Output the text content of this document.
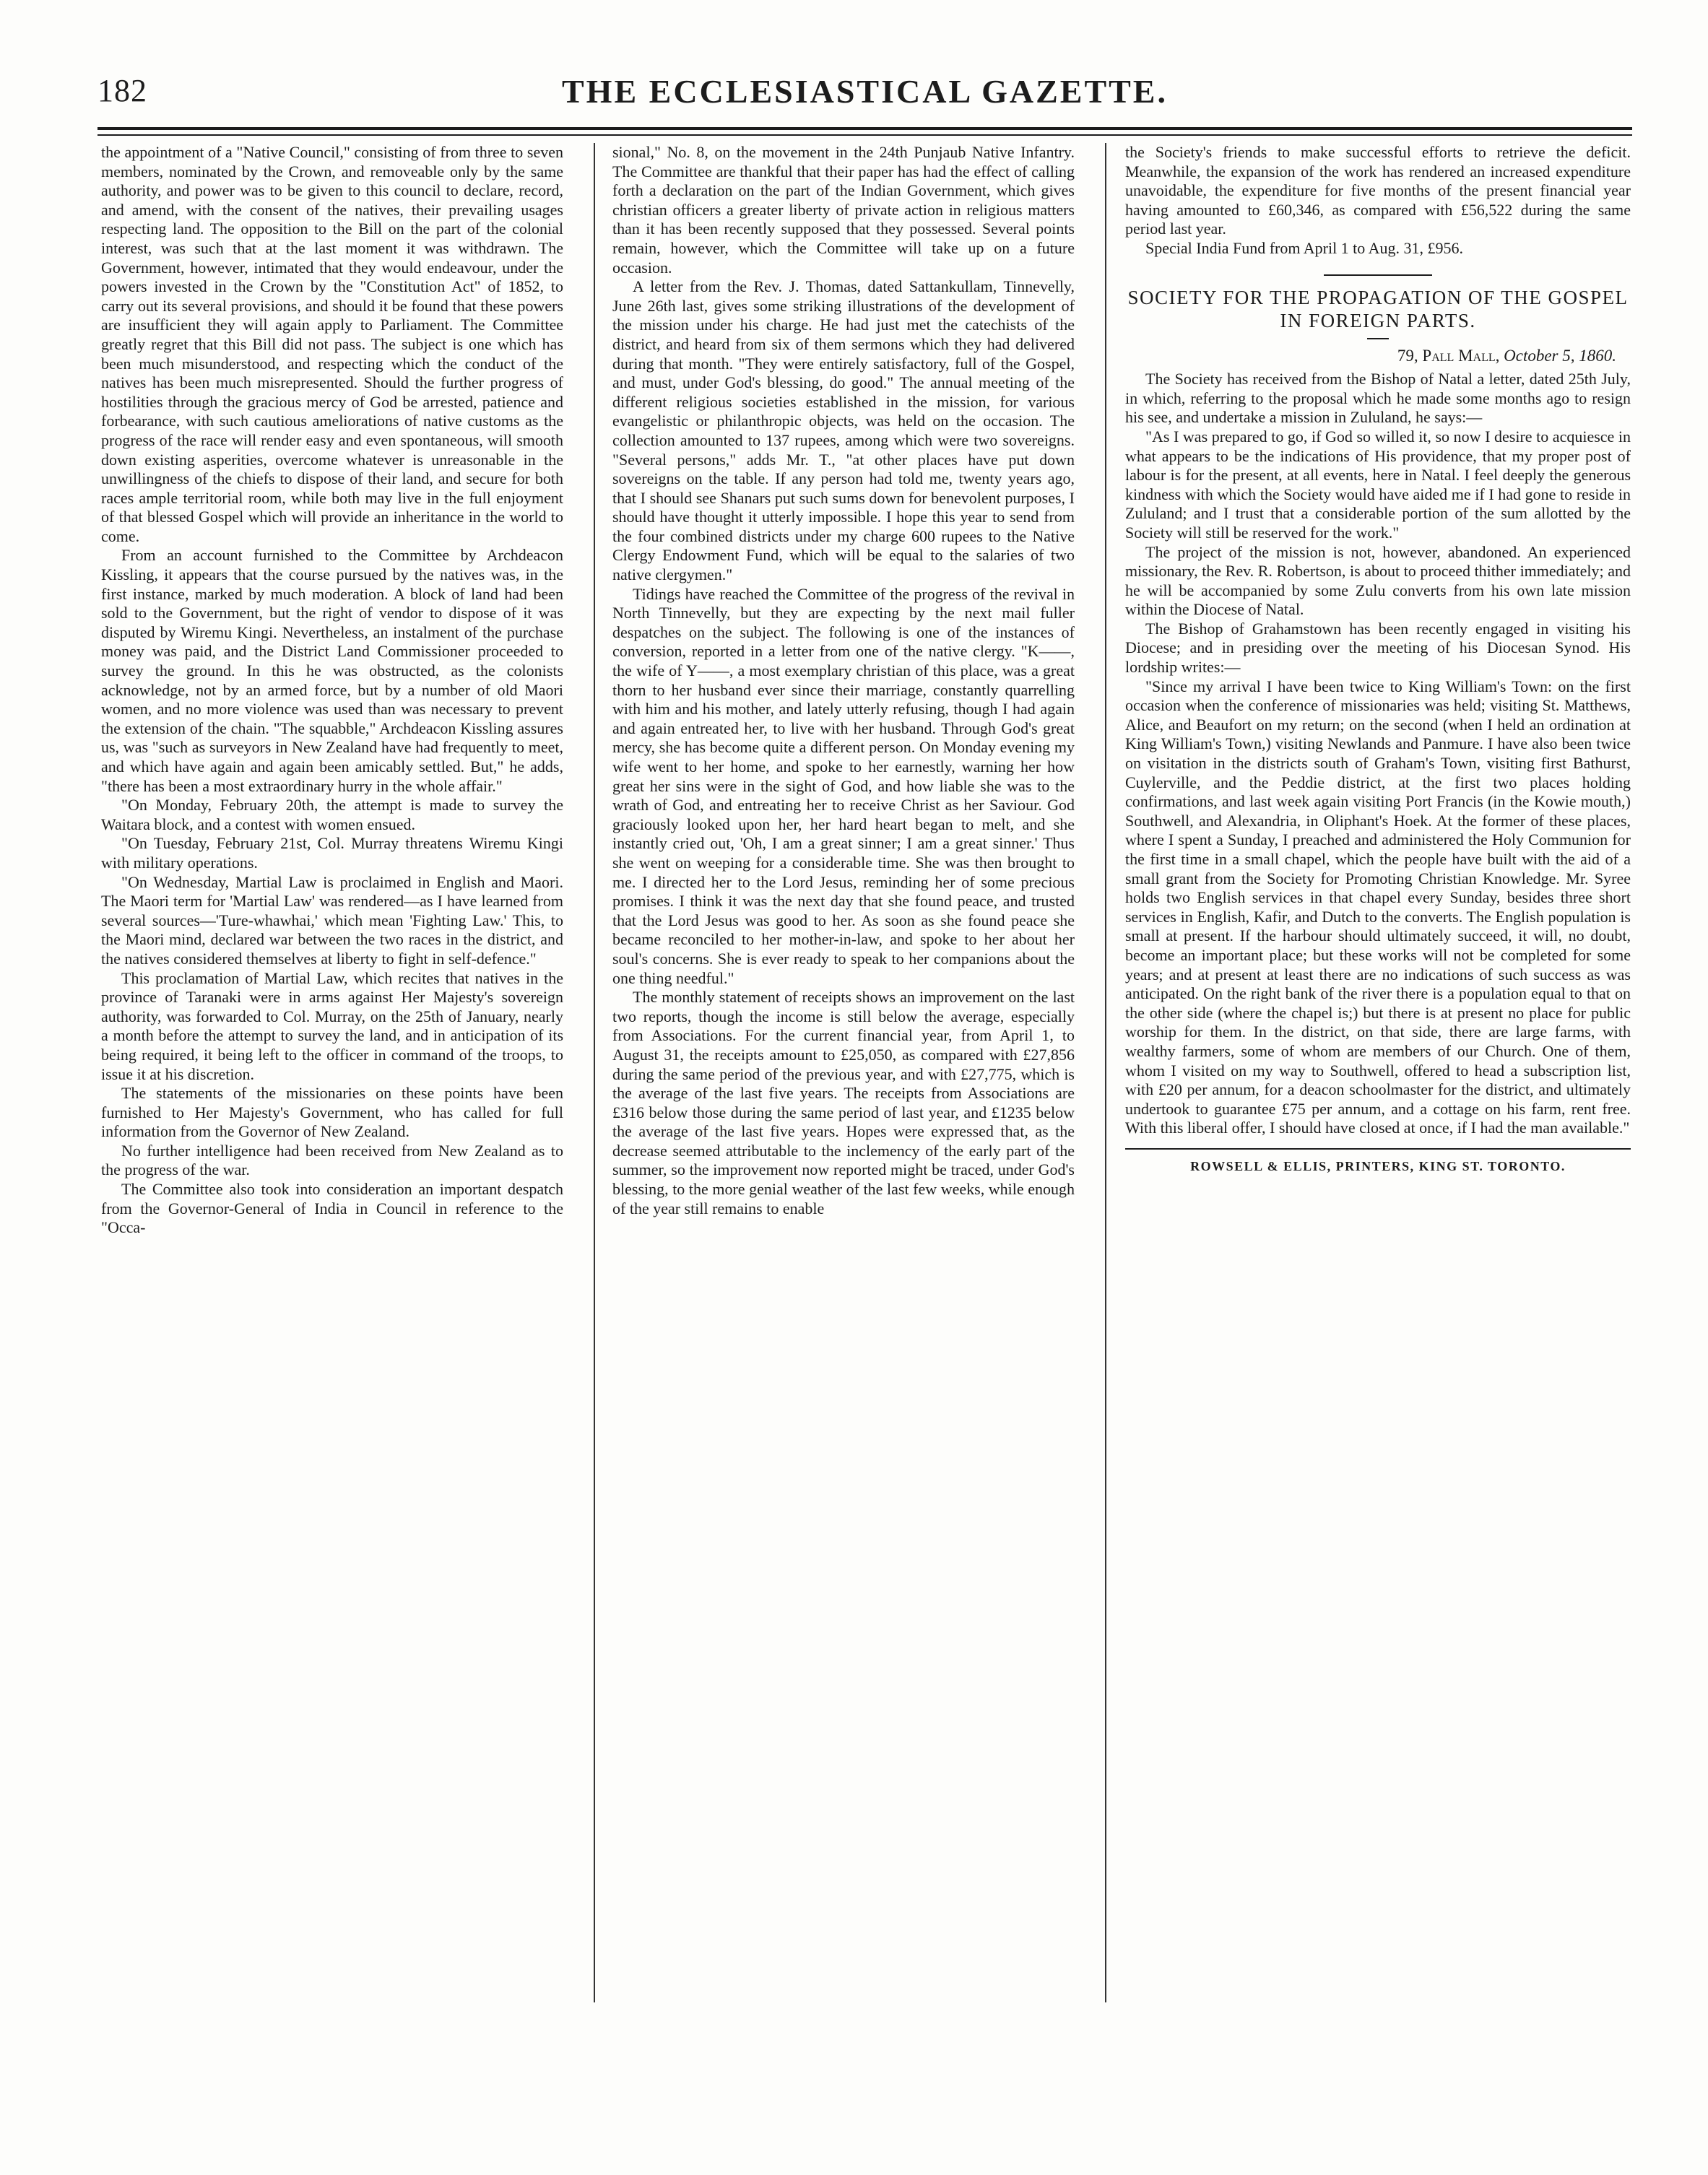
182	THE ECCLESIASTICAL GAZETTE.

the appointment of a "Native Council," consisting of from three to seven members, nominated by the Crown, and removeable only by the same authority, and power was to be given to this council to declare, record, and amend, with the consent of the natives, their prevailing usages respecting land. The opposition to the Bill on the part of the colonial interest, was such that at the last moment it was withdrawn. The Government, however, intimated that they would endeavour, under the powers invested in the Crown by the "Constitution Act" of 1852, to carry out its several provisions, and should it be found that these powers are insufficient they will again apply to Parliament. The Committee greatly regret that this Bill did not pass. The subject is one which has been much misunderstood, and respecting which the conduct of the natives has been much misrepresented. Should the further progress of hostilities through the gracious mercy of God be arrested, patience and forbearance, with such cautious ameliorations of native customs as the progress of the race will render easy and even spontaneous, will smooth down existing asperities, overcome whatever is unreasonable in the unwillingness of the chiefs to dispose of their land, and secure for both races ample territorial room, while both may live in the full enjoyment of that blessed Gospel which will provide an inheritance in the world to come.

From an account furnished to the Committee by Archdeacon Kissling, it appears that the course pursued by the natives was, in the first instance, marked by much moderation. A block of land had been sold to the Government, but the right of vendor to dispose of it was disputed by Wiremu Kingi. Nevertheless, an instalment of the purchase money was paid, and the District Land Commissioner proceeded to survey the ground. In this he was obstructed, as the colonists acknowledge, not by an armed force, but by a number of old Maori women, and no more violence was used than was necessary to prevent the extension of the chain. "The squabble," Archdeacon Kissling assures us, was "such as surveyors in New Zealand have had frequently to meet, and which have again and again been amicably settled. But," he adds, "there has been a most extraordinary hurry in the whole affair."

"On Monday, February 20th, the attempt is made to survey the Waitara block, and a contest with women ensued.

"On Tuesday, February 21st, Col. Murray threatens Wiremu Kingi with military operations.

"On Wednesday, Martial Law is proclaimed in English and Maori. The Maori term for 'Martial Law' was rendered—as I have learned from several sources—'Ture-whawhai,' which mean 'Fighting Law.' This, to the Maori mind, declared war between the two races in the district, and the natives considered themselves at liberty to fight in self-defence."

This proclamation of Martial Law, which recites that natives in the province of Taranaki were in arms against Her Majesty's sovereign authority, was forwarded to Col. Murray, on the 25th of January, nearly a month before the attempt to survey the land, and in anticipation of its being required, it being left to the officer in command of the troops, to issue it at his discretion.

The statements of the missionaries on these points have been furnished to Her Majesty's Government, who has called for full information from the Governor of New Zealand.

No further intelligence had been received from New Zealand as to the progress of the war.

The Committee also took into consideration an important despatch from the Governor-General of India in Council in reference to the "Occa-

sional," No. 8, on the movement in the 24th Punjaub Native Infantry. The Committee are thankful that their paper has had the effect of calling forth a declaration on the part of the Indian Government, which gives christian officers a greater liberty of private action in religious matters than it has been recently supposed that they possessed. Several points remain, however, which the Committee will take up on a future occasion.

A letter from the Rev. J. Thomas, dated Sattankullam, Tinnevelly, June 26th last, gives some striking illustrations of the development of the mission under his charge. He had just met the catechists of the district, and heard from six of them sermons which they had delivered during that month. "They were entirely satisfactory, full of the Gospel, and must, under God's blessing, do good." The annual meeting of the different religious societies established in the mission, for various evangelistic or philanthropic objects, was held on the occasion. The collection amounted to 137 rupees, among which were two sovereigns. "Several persons," adds Mr. T., "at other places have put down sovereigns on the table. If any person had told me, twenty years ago, that I should see Shanars put such sums down for benevolent purposes, I should have thought it utterly impossible. I hope this year to send from the four combined districts under my charge 600 rupees to the Native Clergy Endowment Fund, which will be equal to the salaries of two native clergymen."

Tidings have reached the Committee of the progress of the revival in North Tinnevelly, but they are expecting by the next mail fuller despatches on the subject. The following is one of the instances of conversion, reported in a letter from one of the native clergy. "K——, the wife of Y——, a most exemplary christian of this place, was a great thorn to her husband ever since their marriage, constantly quarrelling with him and his mother, and lately utterly refusing, though I had again and again entreated her, to live with her husband. Through God's great mercy, she has become quite a different person. On Monday evening my wife went to her home, and spoke to her earnestly, warning her how great her sins were in the sight of God, and how liable she was to the wrath of God, and entreating her to receive Christ as her Saviour. God graciously looked upon her, her hard heart began to melt, and she instantly cried out, 'Oh, I am a great sinner; I am a great sinner.' Thus she went on weeping for a considerable time. She was then brought to me. I directed her to the Lord Jesus, reminding her of some precious promises. I think it was the next day that she found peace, and trusted that the Lord Jesus was good to her. As soon as she found peace she became reconciled to her mother-in-law, and spoke to her about her soul's concerns. She is ever ready to speak to her companions about the one thing needful."

The monthly statement of receipts shows an improvement on the last two reports, though the income is still below the average, especially from Associations. For the current financial year, from April 1, to August 31, the receipts amount to £25,050, as compared with £27,856 during the same period of the previous year, and with £27,775, which is the average of the last five years. The receipts from Associations are £316 below those during the same period of last year, and £1235 below the average of the last five years. Hopes were expressed that, as the decrease seemed attributable to the inclemency of the early part of the summer, so the improvement now reported might be traced, under God's blessing, to the more genial weather of the last few weeks, while enough of the year still remains to enable

the Society's friends to make successful efforts to retrieve the deficit. Meanwhile, the expansion of the work has rendered an increased expenditure unavoidable, the expenditure for five months of the present financial year having amounted to £60,346, as compared with £56,522 during the same period last year.

Special India Fund from April 1 to Aug. 31, £956.

SOCIETY FOR THE PROPAGATION OF THE GOSPEL IN FOREIGN PARTS.
79, Pall Mall, October 5, 1860.

The Society has received from the Bishop of Natal a letter, dated 25th July, in which, referring to the proposal which he made some months ago to resign his see, and undertake a mission in Zululand, he says:—

"As I was prepared to go, if God so willed it, so now I desire to acquiesce in what appears to be the indications of His providence, that my proper post of labour is for the present, at all events, here in Natal. I feel deeply the generous kindness with which the Society would have aided me if I had gone to reside in Zululand; and I trust that a considerable portion of the sum allotted by the Society will still be reserved for the work."

The project of the mission is not, however, abandoned. An experienced missionary, the Rev. R. Robertson, is about to proceed thither immediately; and he will be accompanied by some Zulu converts from his own late mission within the Diocese of Natal.

The Bishop of Grahamstown has been recently engaged in visiting his Diocese; and in presiding over the meeting of his Diocesan Synod. His lordship writes:—

"Since my arrival I have been twice to King William's Town: on the first occasion when the conference of missionaries was held; visiting St. Matthews, Alice, and Beaufort on my return; on the second (when I held an ordination at King William's Town,) visiting Newlands and Panmure. I have also been twice on visitation in the districts south of Graham's Town, visiting first Bathurst, Cuylerville, and the Peddie district, at the first two places holding confirmations, and last week again visiting Port Francis (in the Kowie mouth,) Southwell, and Alexandria, in Oliphant's Hoek. At the former of these places, where I spent a Sunday, I preached and administered the Holy Communion for the first time in a small chapel, which the people have built with the aid of a small grant from the Society for Promoting Christian Knowledge. Mr. Syree holds two English services in that chapel every Sunday, besides three short services in English, Kafir, and Dutch to the converts. The English population is small at present. If the harbour should ultimately succeed, it will, no doubt, become an important place; but these works will not be completed for some years; and at present at least there are no indications of such success as was anticipated. On the right bank of the river there is a population equal to that on the other side (where the chapel is;) but there is at present no place for public worship for them. In the district, on that side, there are large farms, with wealthy farmers, some of whom are members of our Church. One of them, whom I visited on my way to Southwell, offered to head a subscription list, with £20 per annum, for a deacon schoolmaster for the district, and ultimately undertook to guarantee £75 per annum, and a cottage on his farm, rent free. With this liberal offer, I should have closed at once, if I had the man available."

ROWSELL & ELLIS, PRINTERS, KING ST. TORONTO.
